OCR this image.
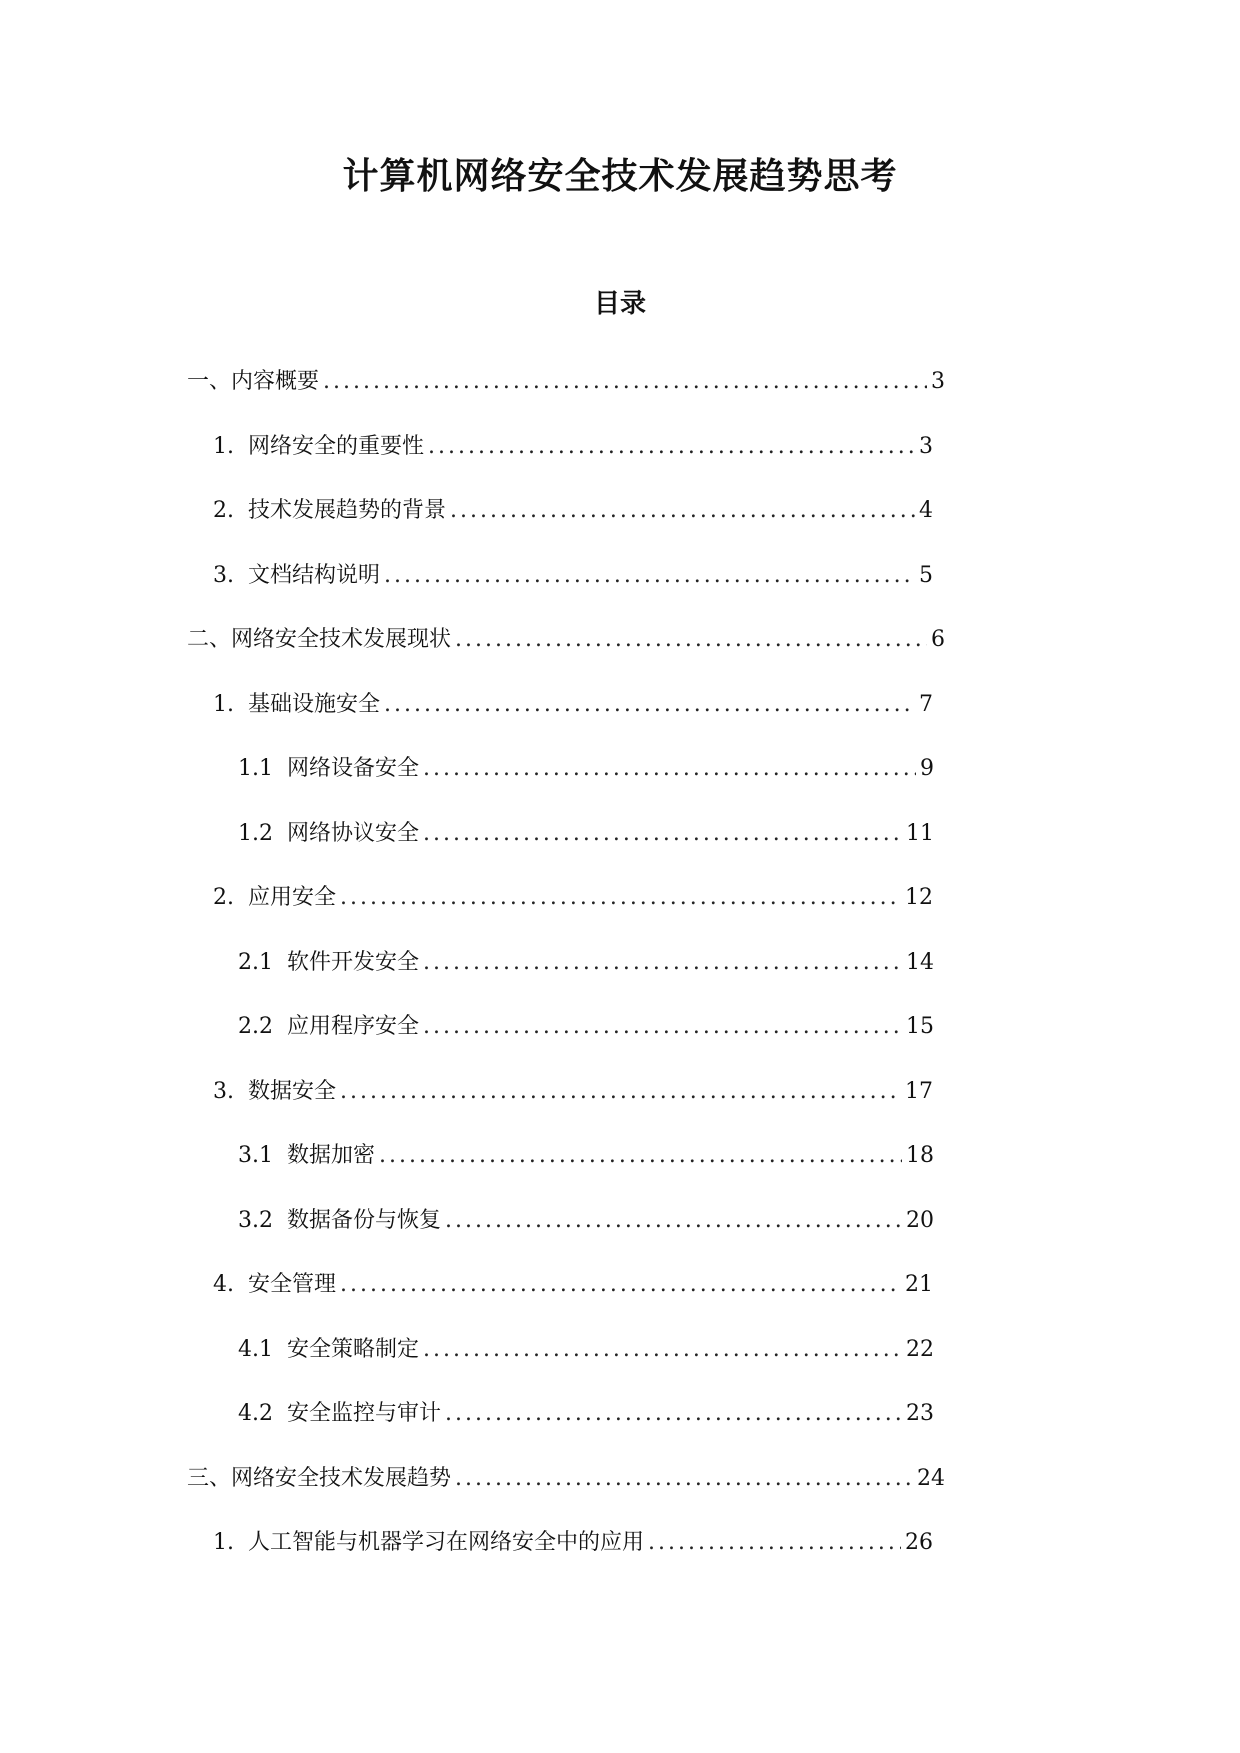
计算机网络安全技术发展趋势思考
目录
一、内容概要 .....	3
1. 网络安全的重要性 .....	3
2. 技术发展趋势的背景 .....	4
3. 文档结构说明 .....	5
二、网络安全技术发展现状 .....	6
1. 基础设施安全 .....	7
1.1 网络设备安全 .....	9
1.2 网络协议安全 .....	11
2. 应用安全 .....	12
2.1 软件开发安全 .....	14
2.2 应用程序安全 .....	15
3. 数据安全 .....	17
3.1 数据加密 .....	18
3.2 数据备份与恢复 .....	20
4. 安全管理 .....	21
4.1 安全策略制定 .....	22
4.2 安全监控与审计 .....	23
三、网络安全技术发展趋势 .....	24
1. 人工智能与机器学习在网络安全中的应用 .....	26
